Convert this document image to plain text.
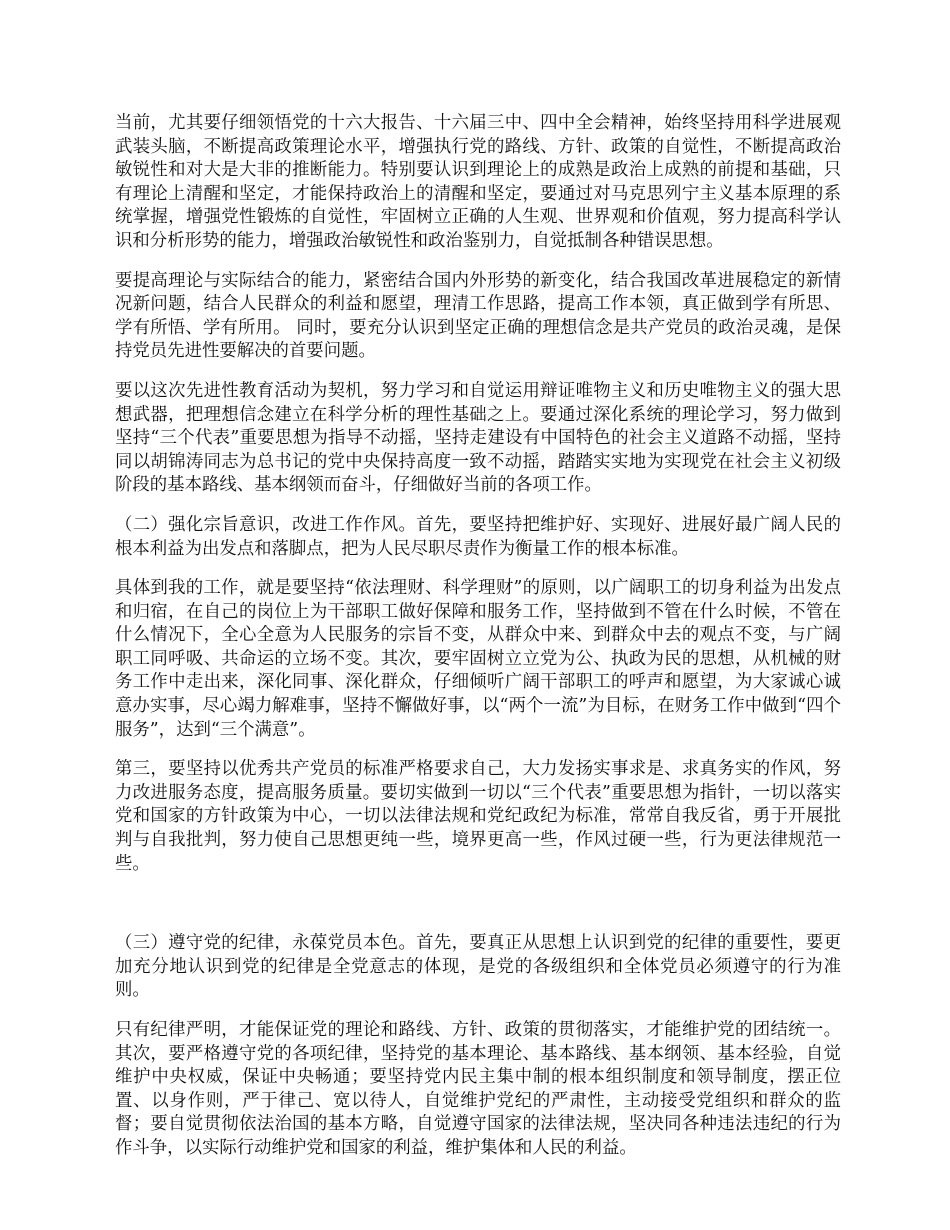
当前，尤其要仔细领悟党的十六大报告、十六届三中、四中全会精神，始终坚持用科学进展观武装头脑，不断提高政策理论水平，增强执行党的路线、方针、政策的自觉性，不断提高政治敏锐性和对大是大非的推断能力。特别要认识到理论上的成熟是政治上成熟的前提和基础，只有理论上清醒和坚定，才能保持政治上的清醒和坚定，要通过对马克思列宁主义基本原理的系统掌握，增强党性锻炼的自觉性，牢固树立正确的人生观、世界观和价值观，努力提高科学认识和分析形势的能力，增强政治敏锐性和政治鉴别力，自觉抵制各种错误思想。

要提高理论与实际结合的能力，紧密结合国内外形势的新变化，结合我国改革进展稳定的新情况新问题，结合人民群众的利益和愿望，理清工作思路，提高工作本领，真正做到学有所思、学有所悟、学有所用。 同时，要充分认识到坚定正确的理想信念是共产党员的政治灵魂，是保持党员先进性要解决的首要问题。

要以这次先进性教育活动为契机，努力学习和自觉运用辩证唯物主义和历史唯物主义的强大思想武器，把理想信念建立在科学分析的理性基础之上。要通过深化系统的理论学习，努力做到坚持“三个代表”重要思想为指导不动摇，坚持走建设有中国特色的社会主义道路不动摇，坚持同以胡锦涛同志为总书记的党中央保持高度一致不动摇，踏踏实实地为实现党在社会主义初级阶段的基本路线、基本纲领而奋斗，仔细做好当前的各项工作。

（二）强化宗旨意识，改进工作作风。首先，要坚持把维护好、实现好、进展好最广阔人民的根本利益为出发点和落脚点，把为人民尽职尽责作为衡量工作的根本标准。

具体到我的工作，就是要坚持“依法理财、科学理财”的原则，以广阔职工的切身利益为出发点和归宿，在自己的岗位上为干部职工做好保障和服务工作，坚持做到不管在什么时候，不管在什么情况下，全心全意为人民服务的宗旨不变，从群众中来、到群众中去的观点不变，与广阔职工同呼吸、共命运的立场不变。其次，要牢固树立立党为公、执政为民的思想，从机械的财务工作中走出来，深化同事、深化群众，仔细倾听广阔干部职工的呼声和愿望，为大家诚心诚意办实事，尽心竭力解难事，坚持不懈做好事，以“两个一流”为目标，在财务工作中做到“四个服务”，达到“三个满意”。

第三，要坚持以优秀共产党员的标准严格要求自己，大力发扬实事求是、求真务实的作风，努力改进服务态度，提高服务质量。要切实做到一切以“三个代表”重要思想为指针，一切以落实党和国家的方针政策为中心，一切以法律法规和党纪政纪为标准，常常自我反省，勇于开展批判与自我批判，努力使自己思想更纯一些，境界更高一些，作风过硬一些，行为更法律规范一些。

（三）遵守党的纪律，永葆党员本色。首先，要真正从思想上认识到党的纪律的重要性，要更加充分地认识到党的纪律是全党意志的体现，是党的各级组织和全体党员必须遵守的行为准则。

只有纪律严明，才能保证党的理论和路线、方针、政策的贯彻落实，才能维护党的团结统一。其次，要严格遵守党的各项纪律，坚持党的基本理论、基本路线、基本纲领、基本经验，自觉维护中央权威，保证中央畅通；要坚持党内民主集中制的根本组织制度和领导制度，摆正位置、以身作则，严于律己、宽以待人，自觉维护党纪的严肃性，主动接受党组织和群众的监督；要自觉贯彻依法治国的基本方略，自觉遵守国家的法律法规，坚决同各种违法违纪的行为作斗争，以实际行动维护党和国家的利益，维护集体和人民的利益。
